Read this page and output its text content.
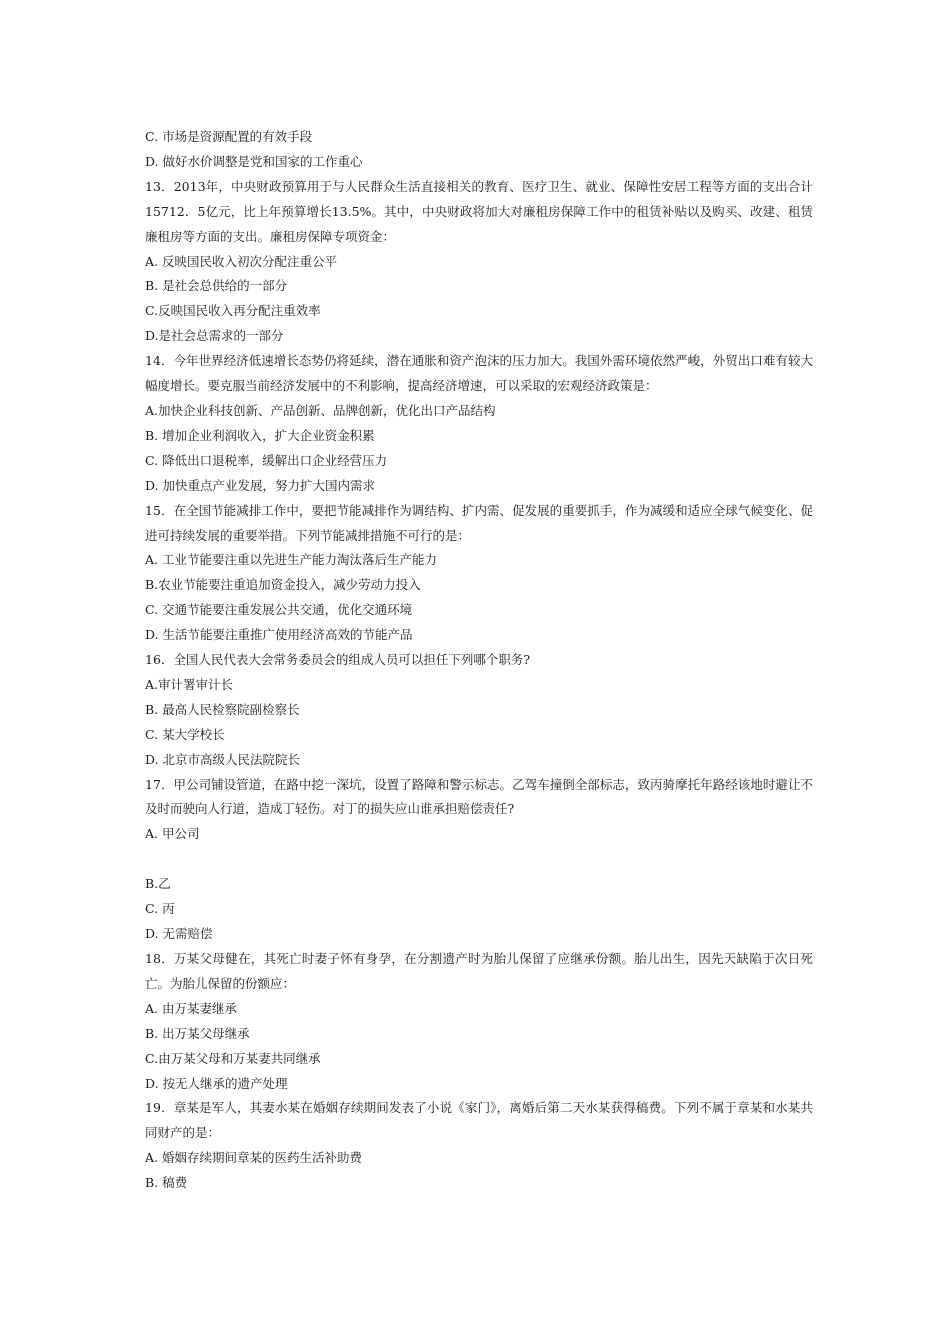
C. 市场是资源配置的有效手段
D. 做好水价调整是党和国家的工作重心
13．2013年，中央财政预算用于与人民群众生活直接相关的教育、医疗卫生、就业、保障性安居工程等方面的支出合计15712．5亿元，比上年预算增长13.5%。其中，中央财政将加大对廉租房保障工作中的租赁补贴以及购买、改建、租赁廉租房等方面的支出。廉租房保障专项资金：
A. 反映国民收入初次分配注重公平
B. 是社会总供给的一部分
C.反映国民收入再分配注重效率
D.是社会总需求的一部分
14．今年世界经济低速增长态势仍将延续，潜在通胀和资产泡沫的压力加大。我国外需环境依然严峻，外贸出口难有较大幅度增长。要克服当前经济发展中的不利影响，提高经济增速，可以采取的宏观经济政策是：
A.加快企业科技创新、产品创新、品牌创新，优化出口产品结构
B. 增加企业利润收入，扩大企业资金积累
C. 降低出口退税率，缓解出口企业经营压力
D. 加快重点产业发展，努力扩大国内需求
15．在全国节能减排工作中，要把节能减排作为调结构、扩内需、促发展的重要抓手，作为减缓和适应全球气候变化、促进可持续发展的重要举措。下列节能减排措施不可行的是：
A. 工业节能要注重以先进生产能力淘汰落后生产能力
B.农业节能要注重追加资金投入，减少劳动力投入
C. 交通节能要注重发展公共交通，优化交通环境
D. 生活节能要注重推广使用经济高效的节能产品
16．全国人民代表大会常务委员会的组成人员可以担任下列哪个职务?
A.审计署审计长
B. 最高人民检察院副检察长
C. 某大学校长
D. 北京市高级人民法院院长
17．甲公司铺设管道，在路中挖一深坑，设置了路障和警示标志。乙驾车撞倒全部标志，致丙骑摩托年路经该地时避让不及时而驶向人行道，造成丁轻伤。对丁的损失应山谁承担赔偿责任?
A. 甲公司
B.乙
C. 丙
D. 无需赔偿
18．万某父母健在，其死亡时妻子怀有身孕，在分割遗产时为胎儿保留了应继承份额。胎儿出生，因先天缺陷于次日死亡。为胎儿保留的份额应：
A. 由万某妻继承
B. 出万某父母继承
C.由万某父母和万某妻共同继承
D. 按无人继承的遗产处理
19．章某是军人，其妻水某在婚姻存续期间发表了小说《家门》，离婚后第二天水某获得稿费。下列不属于章某和水某共同财产的是：
A. 婚姻存续期间章某的医药生活补助费
B. 稿费
